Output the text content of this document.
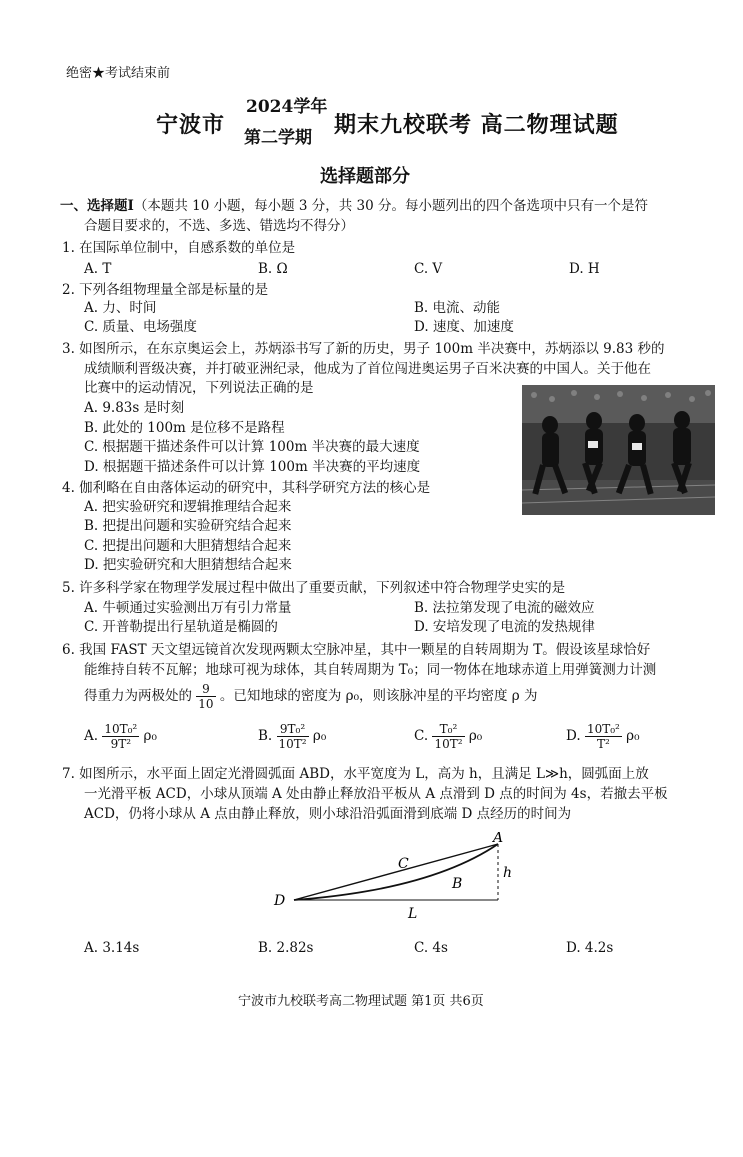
绝密★考试结束前
宁波市
2024学年
第二学期 期末九校联考 高二物理试题
选择题部分
一、选择题Ⅰ（本题共 10 小题，每小题 3 分，共 30 分。每小题列出的四个备选项中只有一个是符
合题目要求的，不选、多选、错选均不得分）
1. 在国际单位制中，自感系数的单位是
A. T	B. Ω	C. V	D. H
2. 下列各组物理量全部是标量的是
A. 力、时间	B. 电流、动能
C. 质量、电场强度	D. 速度、加速度
3. 如图所示，在东京奥运会上，苏炳添书写了新的历史，男子 100m 半决赛中，苏炳添以 9.83 秒的
成绩顺利晋级决赛，并打破亚洲纪录，他成为了首位闯进奥运男子百米决赛的中国人。关于他在
比赛中的运动情况，下列说法正确的是
A. 9.83s 是时刻
B. 此处的 100m 是位移不是路程
C. 根据题干描述条件可以计算 100m 半决赛的最大速度
D. 根据题干描述条件可以计算 100m 半决赛的平均速度
4. 伽利略在自由落体运动的研究中，其科学研究方法的核心是
A. 把实验研究和逻辑推理结合起来
B. 把提出问题和实验研究结合起来
C. 把提出问题和大胆猜想结合起来
D. 把实验研究和大胆猜想结合起来
5. 许多科学家在物理学发展过程中做出了重要贡献，下列叙述中符合物理学史实的是
A. 牛顿通过实验测出万有引力常量	B. 法拉第发现了电流的磁效应
C. 开普勒提出行星轨道是椭圆的	D. 安培发现了电流的发热规律
6. 我国 FAST 天文望远镜首次发现两颗太空脉冲星，其中一颗星的自转周期为 T。假设该星球恰好
能维持自转不瓦解；地球可视为球体，其自转周期为 T₀；同一物体在地球赤道上用弹簧测力计测
得重力为两极处的 $\frac{9}{10}$ 。已知地球的密度为 ρ₀，则该脉冲星的平均密度 ρ 为
A. $\frac{\text{10T₀²}}{\text{9T²}} \rho_0$	B. $\frac{\text{9T₀²}}{\text{10T²}} \rho_0$	C. $\frac{\text{T₀²}}{\text{10T²}} \rho_0$	D. $\frac{\text{10T₀²}}{\text{T²}} \rho_0$
7. 如图所示，水平面上固定光滑圆弧面 ABD，水平宽度为 L，高为 h，且满足 L≫h，圆弧面上放
一光滑平板 ACD，小球从顶端 A 处由静止释放沿平板从 A 点滑到 D 点的时间为 4s，若撤去平板
ACD，仍将小球从 A 点由静止释放，则小球沿沿弧面滑到底端 D 点经历的时间为
A
C
B
D
h
L
A. 3.14s	B. 2.82s	C. 4s	D. 4.2s
宁波市九校联考高二物理试题 第1页 共6页
